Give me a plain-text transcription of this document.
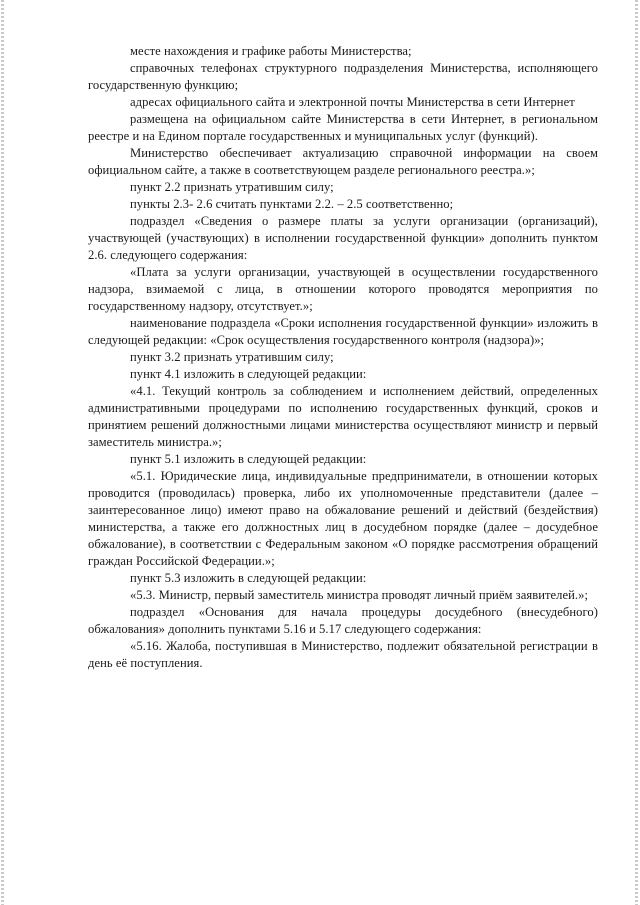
месте нахождения и графике работы Министерства;

справочных телефонах структурного подразделения Министерства, исполняющего государственную функцию;

адресах официального сайта и электронной почты Министерства в сети Интернет

размещена на официальном сайте Министерства в сети Интернет, в региональном реестре и на Едином портале государственных и муниципальных услуг (функций).

Министерство обеспечивает актуализацию справочной информации на своем официальном сайте, а также в соответствующем разделе регионального реестра.»;

пункт 2.2 признать утратившим силу;

пункты 2.3- 2.6 считать пунктами 2.2. – 2.5 соответственно;

подраздел «Сведения о размере платы за услуги организации (организаций), участвующей (участвующих) в исполнении государственной функции» дополнить пунктом 2.6. следующего содержания:

«Плата за услуги организации, участвующей в осуществлении государственного надзора, взимаемой с лица, в отношении которого проводятся мероприятия по государственному надзору, отсутствует.»;

наименование подраздела «Сроки исполнения государственной функции» изложить в следующей редакции: «Срок осуществления государственного контроля (надзора)»;

пункт 3.2 признать утратившим силу;

пункт 4.1 изложить в следующей редакции:

«4.1. Текущий контроль за соблюдением и исполнением действий, определенных административными процедурами по исполнению государственных функций, сроков и принятием решений должностными лицами министерства осуществляют министр и первый заместитель министра.»;

пункт 5.1 изложить в следующей редакции:

«5.1. Юридические лица, индивидуальные предприниматели, в отношении которых проводится (проводилась) проверка, либо их уполномоченные представители (далее – заинтересованное лицо) имеют право на обжалование решений и действий (бездействия) министерства, а также его должностных лиц в досудебном порядке (далее – досудебное обжалование), в соответствии с Федеральным законом «О порядке рассмотрения обращений граждан Российской Федерации.»;

пункт 5.3 изложить в следующей редакции:

«5.3. Министр, первый заместитель министра проводят личный приём заявителей.»;

подраздел «Основания для начала процедуры досудебного (внесудебного) обжалования» дополнить пунктами 5.16 и 5.17 следующего содержания:

«5.16. Жалоба, поступившая в Министерство, подлежит обязательной регистрации в день её поступления.
